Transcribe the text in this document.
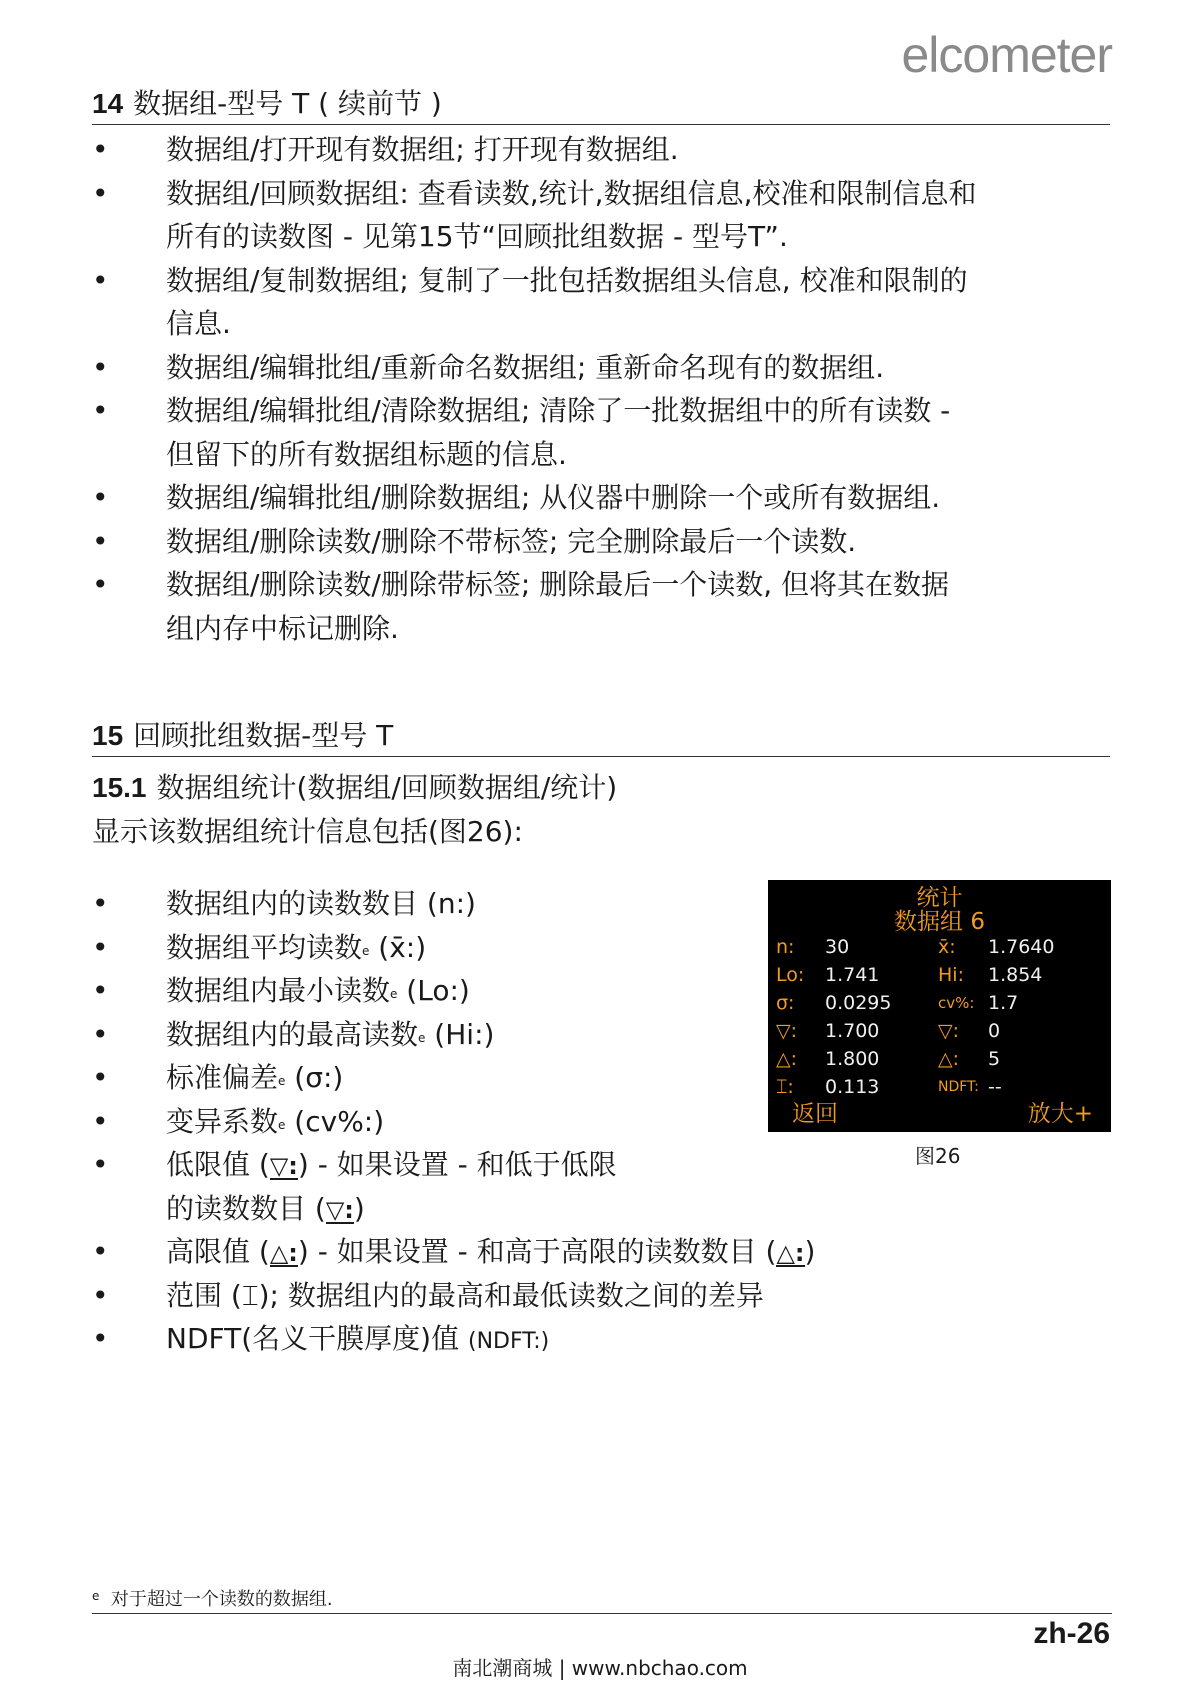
elcometer
14 数据组-型号 T ( 续前节 )
• 数据组/打开现有数据组; 打开现有数据组.
• 数据组/回顾数据组: 查看读数,统计,数据组信息,校准和限制信息和
所有的读数图 - 见第15节“回顾批组数据 - 型号T”.
• 数据组/复制数据组; 复制了一批包括数据组头信息, 校准和限制的
信息.
• 数据组/编辑批组/重新命名数据组; 重新命名现有的数据组.
• 数据组/编辑批组/清除数据组; 清除了一批数据组中的所有读数 -
但留下的所有数据组标题的信息.
• 数据组/编辑批组/删除数据组; 从仪器中删除一个或所有数据组.
• 数据组/删除读数/删除不带标签; 完全删除最后一个读数.
• 数据组/删除读数/删除带标签; 删除最后一个读数, 但将其在数据
组内存中标记删除.
15 回顾批组数据-型号 T
15.1 数据组统计(数据组/回顾数据组/统计)
显示该数据组统计信息包括(图26):
• 数据组内的读数数目 (n:)
• 数据组平均读数$^e$ (x̄:)
• 数据组内最小读数$^e$ (Lo:)
• 数据组内的最高读数$^e$ (Hi:)
• 标准偏差$^e$ (σ:)
• 变异系数$^e$ (cv%:)
• 低限值 (▽:) - 如果设置 - 和低于低限
的读数数目 (▽:)
• 高限值 (△:) - 如果设置 - 和高于高限的读数数目 (△:)
• 范围 (⌶); 数据组内的最高和最低读数之间的差异
• NDFT(名义干膜厚度)值 (NDFT:)
统计
数据组 6
n: 30	x̄: 1.7640
Lo: 1.741	Hi: 1.854
σ: 0.0295	cv%: 1.7
▽: 1.700	▽: 0
△: 1.800	△: 5
⌶: 0.113	NDFT: --
返回	放大+
图26
$^e$ 对于超过一个读数的数据组.
zh-26
南北潮商城 | www.nbchao.com
